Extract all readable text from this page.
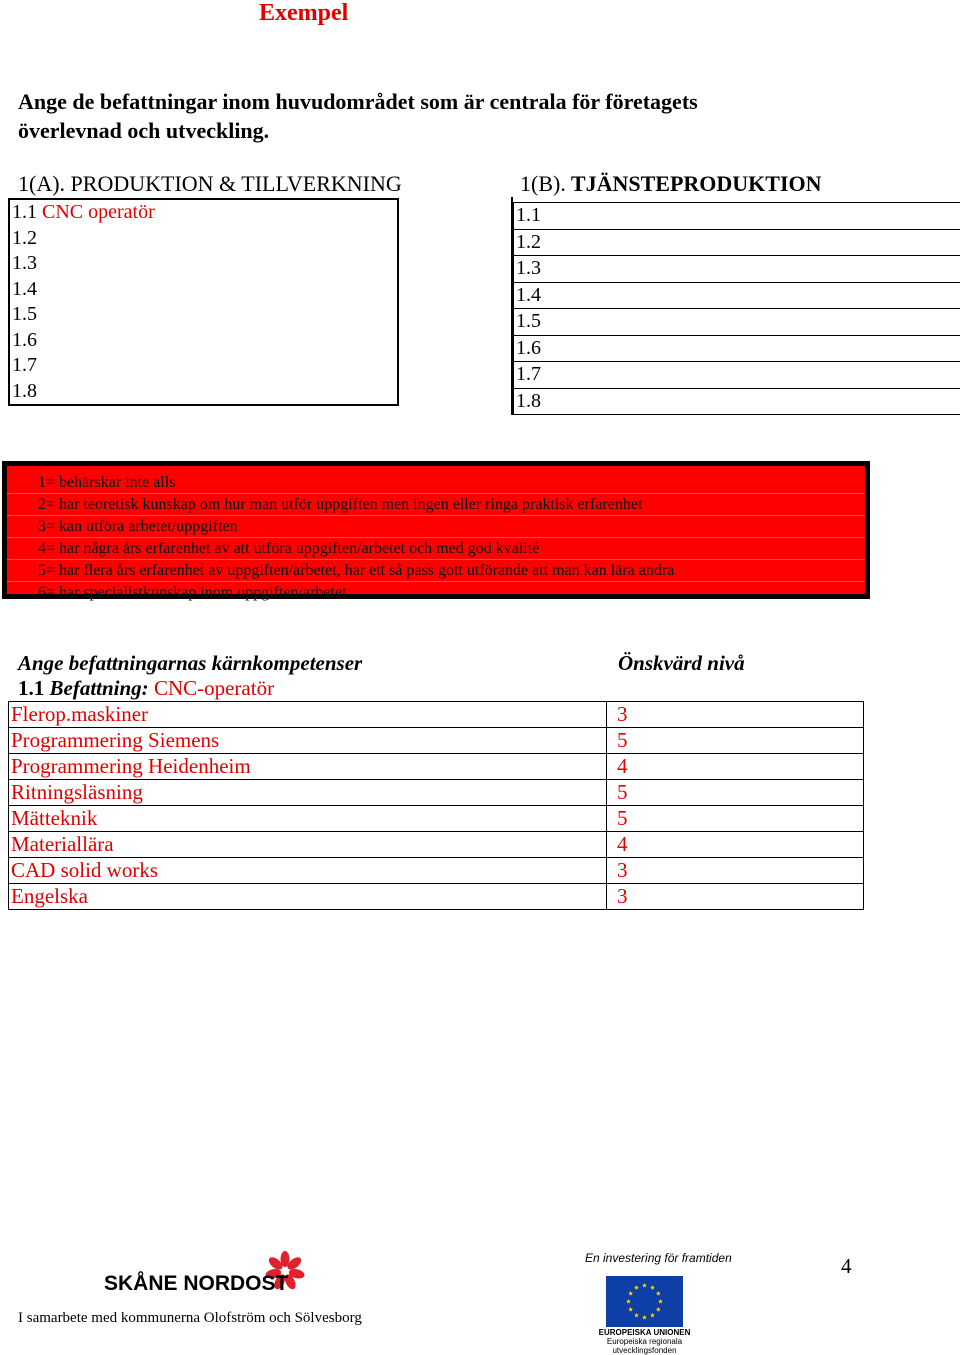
Exempel
Ange de befattningar inom huvudområdet som är centrala för företagets
överlevnad och utveckling.
1(A). PRODUKTION & TILLVERKNING
1.1 CNC operatör
1.2
1.3
1.4
1.5
1.6
1.7
1.8
1(B). TJÄNSTEPRODUKTION
1.1
1.2
1.3
1.4
1.5
1.6
1.7
1.8
1= behärskar inte alls
2= har teoretisk kunskap om hur man utför uppgiften men ingen eller ringa praktisk erfarenhet
3= kan utföra arbetet/uppgiften
4= har några års erfarenhet av att utföra uppgiften/arbetet och med god kvalité
5= har flera års erfarenhet av uppgiften/arbetet, har ett så pass gott utförande att man kan lära andra
6= har specialistkunskap inom uppgiften/arbetet
Ange befattningarnas kärnkompetenser	Önskvärd nivå
1.1 Befattning: CNC-operatör
Flerop.maskiner	3
Programmering Siemens	5
Programmering Heidenheim	4
Ritningsläsning	5
Mätteknik	5
Materiallära	4
CAD solid works	3
Engelska	3
SKÅNE NORDOST
I samarbete med kommunerna Olofström och Sölvesborg
En investering för framtiden
EUROPEISKA UNIONEN
Europeiska regionala
utvecklingsfonden
4
